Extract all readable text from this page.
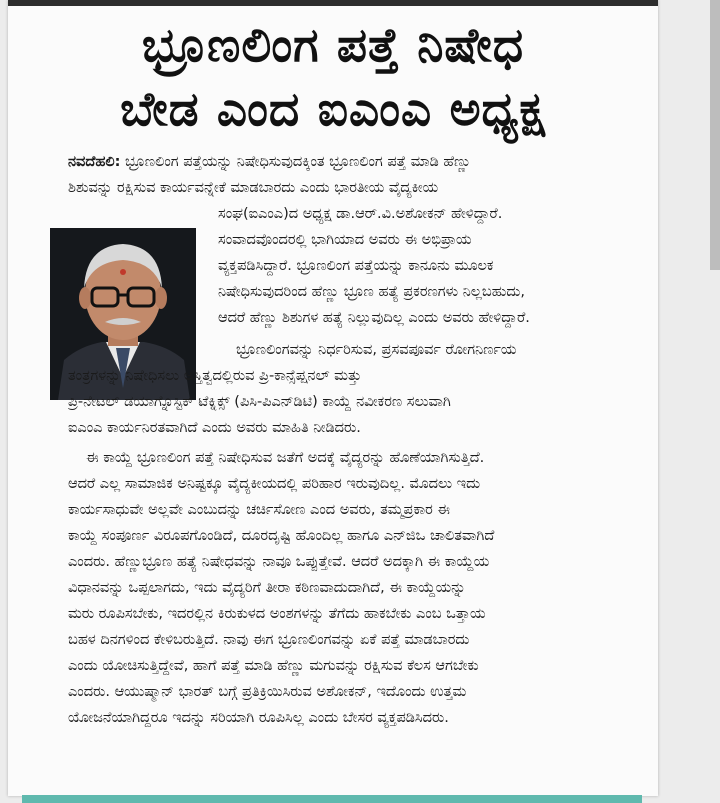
ಭ್ರೂಣಲಿಂಗ ಪತ್ತೆ ನಿಷೇಧ
ಬೇಡ ಎಂದ ಐಎಂಎ ಅಧ್ಯಕ್ಷ
ನವದೆಹಲಿ: ಭ್ರೂಣಲಿಂಗ ಪತ್ತೆಯನ್ನು ನಿಷೇಧಿಸುವುದಕ್ಕಿಂತ ಭ್ರೂಣಲಿಂಗ ಪತ್ತೆ ಮಾಡಿ ಹೆಣ್ಣು
ಶಿಶುವನ್ನು ರಕ್ಷಿಸುವ ಕಾರ್ಯವನ್ನೇಕೆ ಮಾಡಬಾರದು ಎಂದು ಭಾರತೀಯ ವೈದ್ಯಕೀಯ
ಸಂಘ(ಐಎಂಎ)ದ ಅಧ್ಯಕ್ಷ ಡಾ.ಆರ್.ವಿ.ಅಶೋಕನ್ ಹೇಳಿದ್ದಾರೆ.
ಸಂವಾದವೊಂದರಲ್ಲಿ ಭಾಗಿಯಾದ ಅವರು ಈ ಅಭಿಪ್ರಾಯ
ವ್ಯಕ್ತಪಡಿಸಿದ್ದಾರೆ. ಭ್ರೂಣಲಿಂಗ ಪತ್ತೆಯನ್ನು ಕಾನೂನು ಮೂಲಕ
ನಿಷೇಧಿಸುವುದರಿಂದ ಹೆಣ್ಣು ಭ್ರೂಣ ಹತ್ಯೆ ಪ್ರಕರಣಗಳು ನಿಲ್ಲಬಹುದು,
ಆದರೆ ಹೆಣ್ಣು ಶಿಶುಗಳ ಹತ್ಯೆ ನಿಲ್ಲುವುದಿಲ್ಲ ಎಂದು ಅವರು ಹೇಳಿದ್ದಾರೆ.
ಭ್ರೂಣಲಿಂಗವನ್ನು ನಿರ್ಧರಿಸುವ, ಪ್ರಸವಪೂರ್ವ ರೋಗನಿರ್ಣಯ
ತಂತ್ರಗಳನ್ನು ನಿಷೇಧಿಸಲು ಅಸ್ತಿತ್ವದಲ್ಲಿರುವ ಪ್ರಿ-ಕಾನ್ಸೆಪ್ಷನಲ್ ಮತ್ತು
ಪ್ರಿ-ನೇಟಲ್ ಡಯಾಗ್ನೊಸ್ಟಿಕ್ ಟೆಕ್ನಿಕ್ಸ್ (ಪಿಸಿ-ಪಿಎನ್‌ಡಿಟಿ) ಕಾಯ್ದೆ ನವೀಕರಣ ಸಲುವಾಗಿ
ಐಎಂಎ ಕಾರ್ಯನಿರತವಾಗಿದೆ ಎಂದು ಅವರು ಮಾಹಿತಿ ನೀಡಿದರು.
ಈ ಕಾಯ್ದೆ ಭ್ರೂಣಲಿಂಗ ಪತ್ತೆ ನಿಷೇಧಿಸುವ ಜತೆಗೆ ಅದಕ್ಕೆ ವೈದ್ಯರನ್ನು ಹೊಣೆಯಾಗಿಸುತ್ತಿದೆ.
ಆದರೆ ಎಲ್ಲ ಸಾಮಾಜಿಕ ಅನಿಷ್ಟಕ್ಕೂ ವೈದ್ಯಕೀಯದಲ್ಲಿ ಪರಿಹಾರ ಇರುವುದಿಲ್ಲ. ಮೊದಲು ಇದು
ಕಾರ್ಯಸಾಧುವೇ ಅಲ್ಲವೇ ಎಂಬುದನ್ನು ಚರ್ಚಿಸೋಣ ಎಂದ ಅವರು, ತಮ್ಮಪ್ರಕಾರ ಈ
ಕಾಯ್ದೆ ಸಂಪೂರ್ಣ ವಿರೂಪಗೊಂಡಿದೆ, ದೂರದೃಷ್ಟಿ ಹೊಂದಿಲ್ಲ ಹಾಗೂ ಎನ್‌ಜಿಒ ಚಾಲಿತವಾಗಿದೆ
ಎಂದರು. ಹೆಣ್ಣುಭ್ರೂಣ ಹತ್ಯೆ ನಿಷೇಧವನ್ನು ನಾವೂ ಒಪ್ಪುತ್ತೇವೆ. ಆದರೆ ಅದಕ್ಕಾಗಿ ಈ ಕಾಯ್ದೆಯ
ವಿಧಾನವನ್ನು ಒಪ್ಪಲಾಗದು, ಇದು ವೈದ್ಯರಿಗೆ ತೀರಾ ಕಠಿಣವಾದುದಾಗಿದೆ, ಈ ಕಾಯ್ದೆಯನ್ನು
ಮರು ರೂಪಿಸಬೇಕು, ಇದರಲ್ಲಿನ ಕಿರುಕುಳದ ಅಂಶಗಳನ್ನು ತೆಗೆದು ಹಾಕಬೇಕು ಎಂಬ ಒತ್ತಾಯ
ಬಹಳ ದಿನಗಳಿಂದ ಕೇಳಿಬರುತ್ತಿದೆ. ನಾವು ಈಗ ಭ್ರೂಣಲಿಂಗವನ್ನು ಏಕೆ ಪತ್ತೆ ಮಾಡಬಾರದು
ಎಂದು ಯೋಚಿಸುತ್ತಿದ್ದೇವೆ, ಹಾಗೆ ಪತ್ತೆ ಮಾಡಿ ಹೆಣ್ಣು ಮಗುವನ್ನು ರಕ್ಷಿಸುವ ಕೆಲಸ ಆಗಬೇಕು
ಎಂದರು. ಆಯುಷ್ಮಾನ್ ಭಾರತ್ ಬಗ್ಗೆ ಪ್ರತಿಕ್ರಿಯಿಸಿರುವ ಅಶೋಕನ್, ಇದೊಂದು ಉತ್ತಮ
ಯೋಜನೆಯಾಗಿದ್ದರೂ ಇದನ್ನು ಸರಿಯಾಗಿ ರೂಪಿಸಿಲ್ಲ ಎಂದು ಬೇಸರ ವ್ಯಕ್ತಪಡಿಸಿದರು.
